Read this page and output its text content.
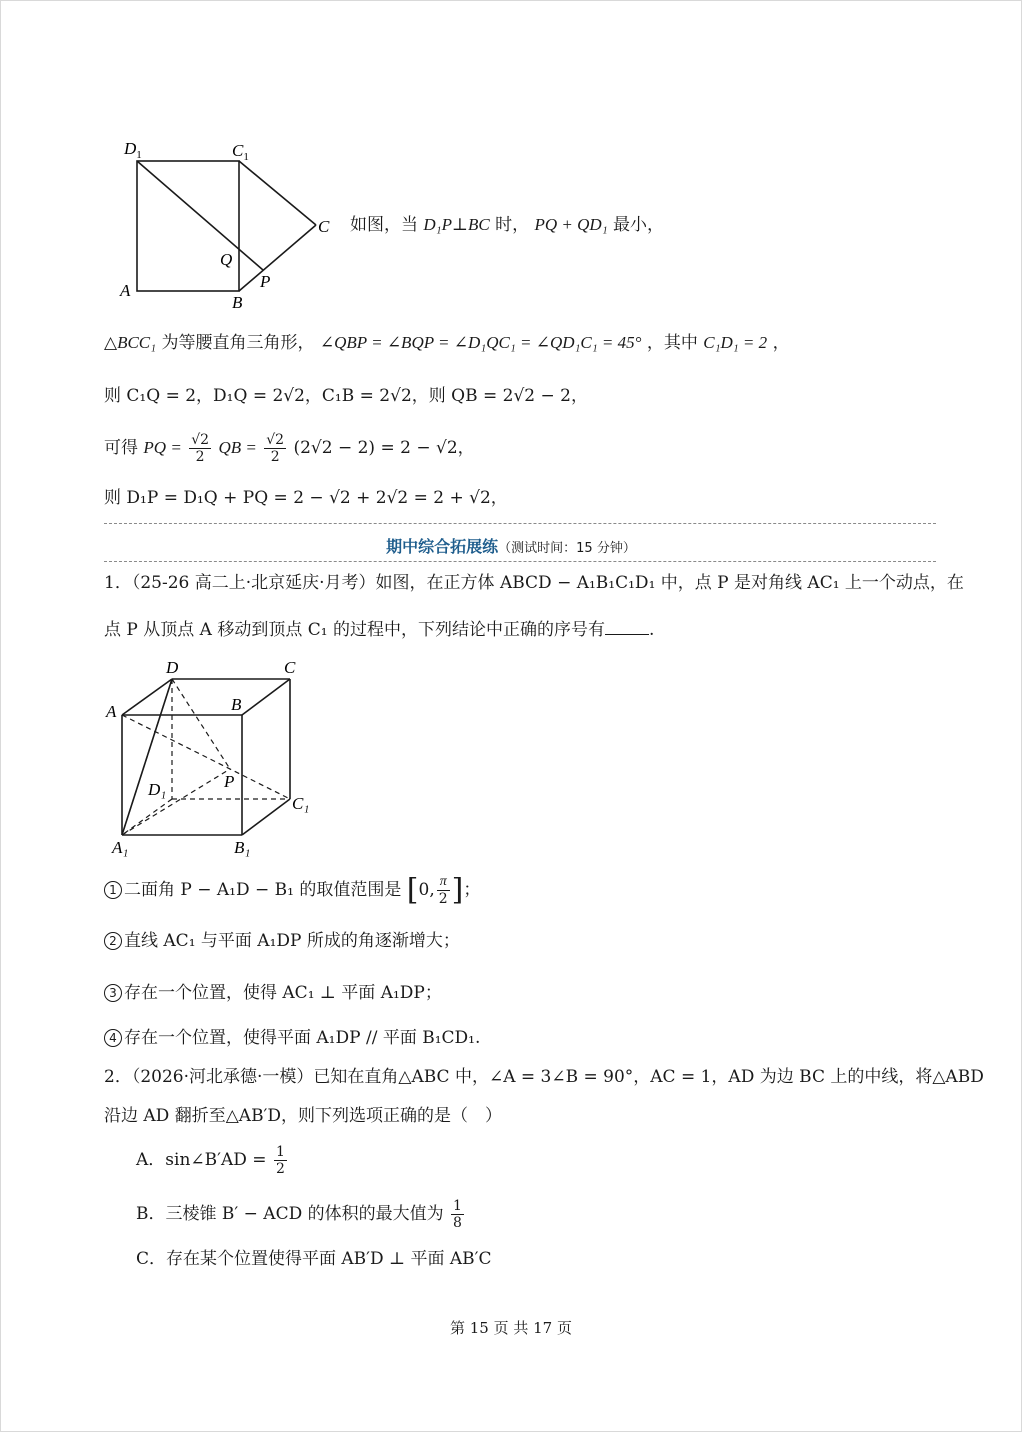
$D_1$	$C_1$
C
Q
P
A
B
如图，当 D₁P⊥BC 时， PQ + QD₁ 最小，
△BCC₁ 为等腰直角三角形， ∠QBP = ∠BQP = ∠D₁QC₁ = ∠QD₁C₁ = 45° ，其中 C₁D₁ = 2 ，
则 C₁Q = 2，D₁Q = 2√2，C₁B = 2√2，则 QB = 2√2 − 2，
可得 PQ = $\frac{√2}{2}$ QB = $\frac{√2}{2} (2√2 - 2) = 2 - √2$，
则 D₁P = D₁Q + PQ = 2 − √2 + 2√2 = 2 + √2，
期中综合拓展练（测试时间：15 分钟）
1．（25-26 高二上·北京延庆·月考）如图，在正方体 ABCD − A₁B₁C₁D₁ 中，点 P 是对角线 AC₁ 上一个动点，在
点 P 从顶点 A 移动到顶点 C₁ 的过程中，下列结论中正确的序号有	.
D	C
A	B
P
D₁
C₁
A₁	B₁
1 二面角 P − A₁D − B₁ 的取值范围是 [0, $\frac{\pi}{2}$ ]；
2 直线 AC₁ 与平面 A₁DP 所成的角逐渐增大；
3 存在一个位置，使得 AC₁ ⊥ 平面 A₁DP；
4 存在一个位置，使得平面 A₁DP // 平面 B₁CD₁.
2．（2026·河北承德·一模）已知在直角△ABC 中，∠A = 3∠B = 90°，AC = 1，AD 为边 BC 上的中线，将△ABD
沿边 AD 翻折至△AB′D，则下列选项正确的是（　）
A．sin∠B′AD = $\frac{1}{2}$
B．三棱锥 B′ − ACD 的体积的最大值为 $\frac{1}{8}$
C．存在某个位置使得平面 AB′D ⊥ 平面 AB′C
第 15 页 共 17 页
